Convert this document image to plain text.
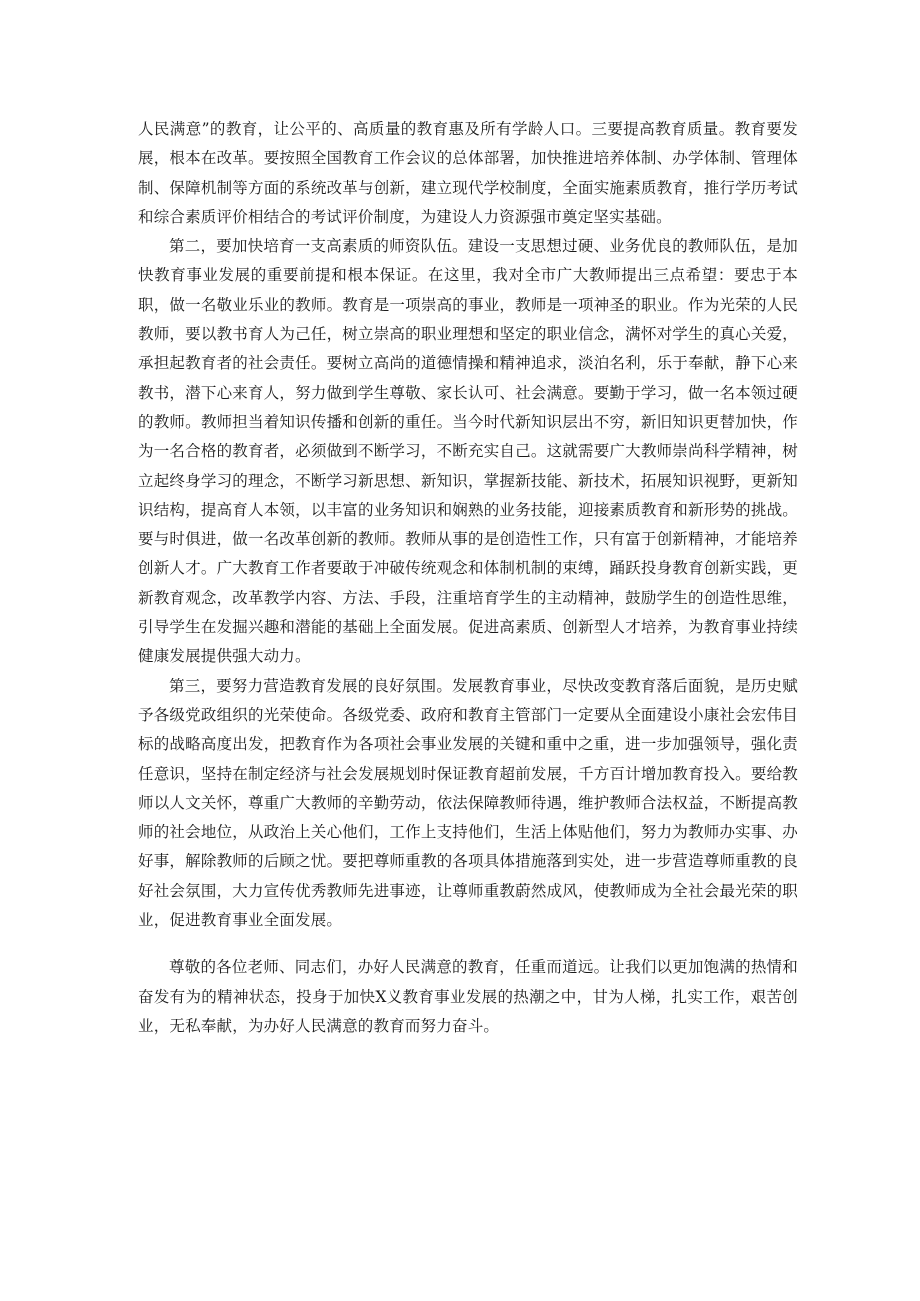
人民满意”的教育，让公平的、高质量的教育惠及所有学龄人口。三要提高教育质量。教育要发展，根本在改革。要按照全国教育工作会议的总体部署，加快推进培养体制、办学体制、管理体制、保障机制等方面的系统改革与创新，建立现代学校制度，全面实施素质教育，推行学历考试和综合素质评价相结合的考试评价制度，为建设人力资源强市奠定坚实基础。

第二，要加快培育一支高素质的师资队伍。建设一支思想过硬、业务优良的教师队伍，是加快教育事业发展的重要前提和根本保证。在这里，我对全市广大教师提出三点希望：要忠于本职，做一名敬业乐业的教师。教育是一项崇高的事业，教师是一项神圣的职业。作为光荣的人民教师，要以教书育人为己任，树立崇高的职业理想和坚定的职业信念，满怀对学生的真心关爱，承担起教育者的社会责任。要树立高尚的道德情操和精神追求，淡泊名利，乐于奉献，静下心来教书，潜下心来育人，努力做到学生尊敬、家长认可、社会满意。要勤于学习，做一名本领过硬的教师。教师担当着知识传播和创新的重任。当今时代新知识层出不穷，新旧知识更替加快，作为一名合格的教育者，必须做到不断学习，不断充实自己。这就需要广大教师崇尚科学精神，树立起终身学习的理念，不断学习新思想、新知识，掌握新技能、新技术，拓展知识视野，更新知识结构，提高育人本领，以丰富的业务知识和娴熟的业务技能，迎接素质教育和新形势的挑战。要与时俱进，做一名改革创新的教师。教师从事的是创造性工作，只有富于创新精神，才能培养创新人才。广大教育工作者要敢于冲破传统观念和体制机制的束缚，踊跃投身教育创新实践，更新教育观念，改革教学内容、方法、手段，注重培育学生的主动精神，鼓励学生的创造性思维，引导学生在发掘兴趣和潜能的基础上全面发展。促进高素质、创新型人才培养，为教育事业持续健康发展提供强大动力。

第三，要努力营造教育发展的良好氛围。发展教育事业，尽快改变教育落后面貌，是历史赋予各级党政组织的光荣使命。各级党委、政府和教育主管部门一定要从全面建设小康社会宏伟目标的战略高度出发，把教育作为各项社会事业发展的关键和重中之重，进一步加强领导，强化责任意识，坚持在制定经济与社会发展规划时保证教育超前发展，千方百计增加教育投入。要给教师以人文关怀，尊重广大教师的辛勤劳动，依法保障教师待遇，维护教师合法权益，不断提高教师的社会地位，从政治上关心他们，工作上支持他们，生活上体贴他们，努力为教师办实事、办好事，解除教师的后顾之忧。要把尊师重教的各项具体措施落到实处，进一步营造尊师重教的良好社会氛围，大力宣传优秀教师先进事迹，让尊师重教蔚然成风，使教师成为全社会最光荣的职业，促进教育事业全面发展。

尊敬的各位老师、同志们，办好人民满意的教育，任重而道远。让我们以更加饱满的热情和奋发有为的精神状态，投身于加快X义教育事业发展的热潮之中，甘为人梯，扎实工作，艰苦创业，无私奉献，为办好人民满意的教育而努力奋斗。
